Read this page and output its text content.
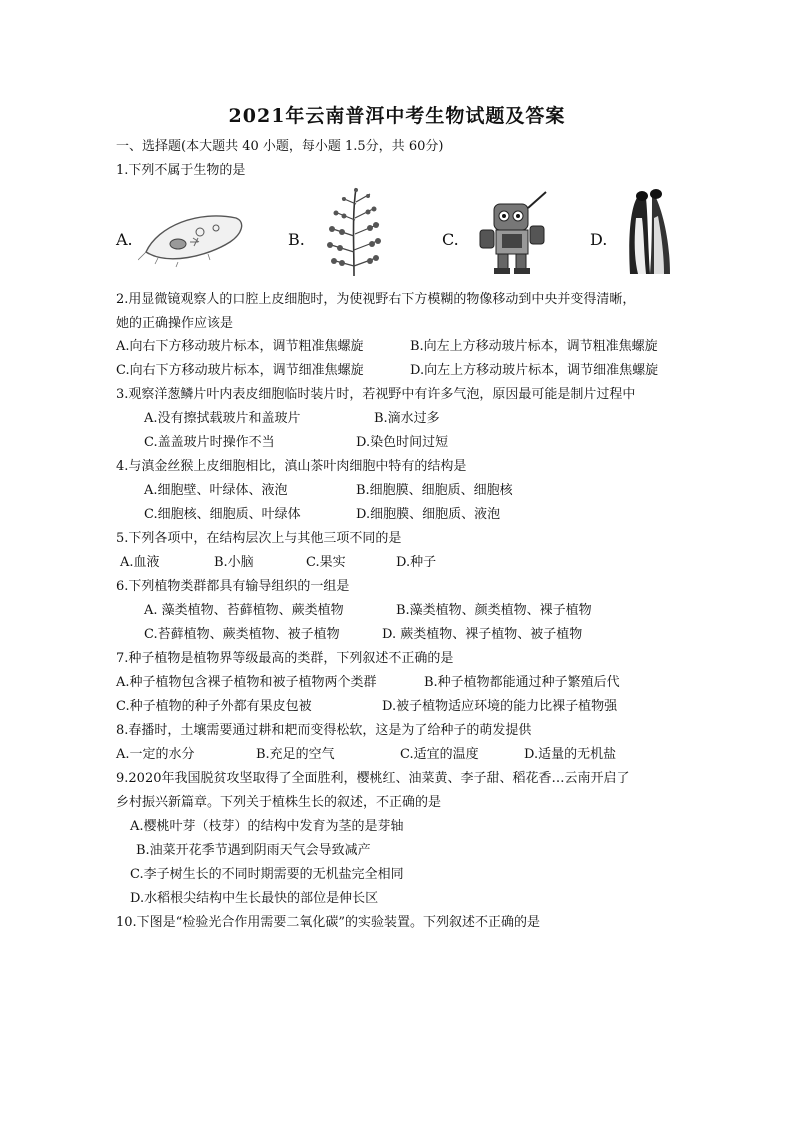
2021年云南普洱中考生物试题及答案
一、选择题(本大题共 40 小题，每小题 1.5分，共 60分)
1.下列不属于生物的是
A.	B.	C.	D.
2.用显微镜观察人的口腔上皮细胞时，为使视野右下方模糊的物像移动到中央并变得清晰，
她的正确操作应该是
A.向右下方移动玻片标本，调节粗准焦螺旋	B.向左上方移动玻片标本，调节粗准焦螺旋
C.向右下方移动玻片标本，调节细准焦螺旋	D.向左上方移动玻片标本，调节细准焦螺旋
3.观察洋葱鳞片叶内表皮细胞临时装片时，若视野中有许多气泡，原因最可能是制片过程中
A.没有擦拭载玻片和盖玻片	B.滴水过多
C.盖盖玻片时操作不当	D.染色时间过短
4.与滇金丝猴上皮细胞相比，滇山茶叶肉细胞中特有的结构是
A.细胞壁、叶绿体、液泡	B.细胞膜、细胞质、细胞核
C.细胞核、细胞质、叶绿体	D.细胞膜、细胞质、液泡
5.下列各项中，在结构层次上与其他三项不同的是
A.血液	B.小脑	C.果实	D.种子
6.下列植物类群都具有输导组织的一组是
A. 藻类植物、苔藓植物、蕨类植物	B.藻类植物、颜类植物、裸子植物
C.苔藓植物、蕨类植物、被子植物	D. 蕨类植物、裸子植物、被子植物
7.种子植物是植物界等级最高的类群，下列叙述不正确的是
A.种子植物包含裸子植物和被子植物两个类群	B.种子植物都能通过种子繁殖后代
C.种子植物的种子外都有果皮包被	D.被子植物适应环境的能力比裸子植物强
8.春播时，土壤需要通过耕和耙而变得松软，这是为了给种子的萌发提供
A.一定的水分	B.充足的空气	C.适宜的温度	D.适量的无机盐
9.2020年我国脱贫攻坚取得了全面胜利，樱桃红、油菜黄、李子甜、稻花香…云南开启了
乡村振兴新篇章。下列关于植株生长的叙述，不正确的是
A.樱桃叶芽（枝芽）的结构中发育为茎的是芽轴
B.油菜开花季节遇到阴雨天气会导致减产
C.李子树生长的不同时期需要的无机盐完全相同
D.水稻根尖结构中生长最快的部位是伸长区
10.下图是“检验光合作用需要二氧化碳”的实验装置。下列叙述不正确的是
